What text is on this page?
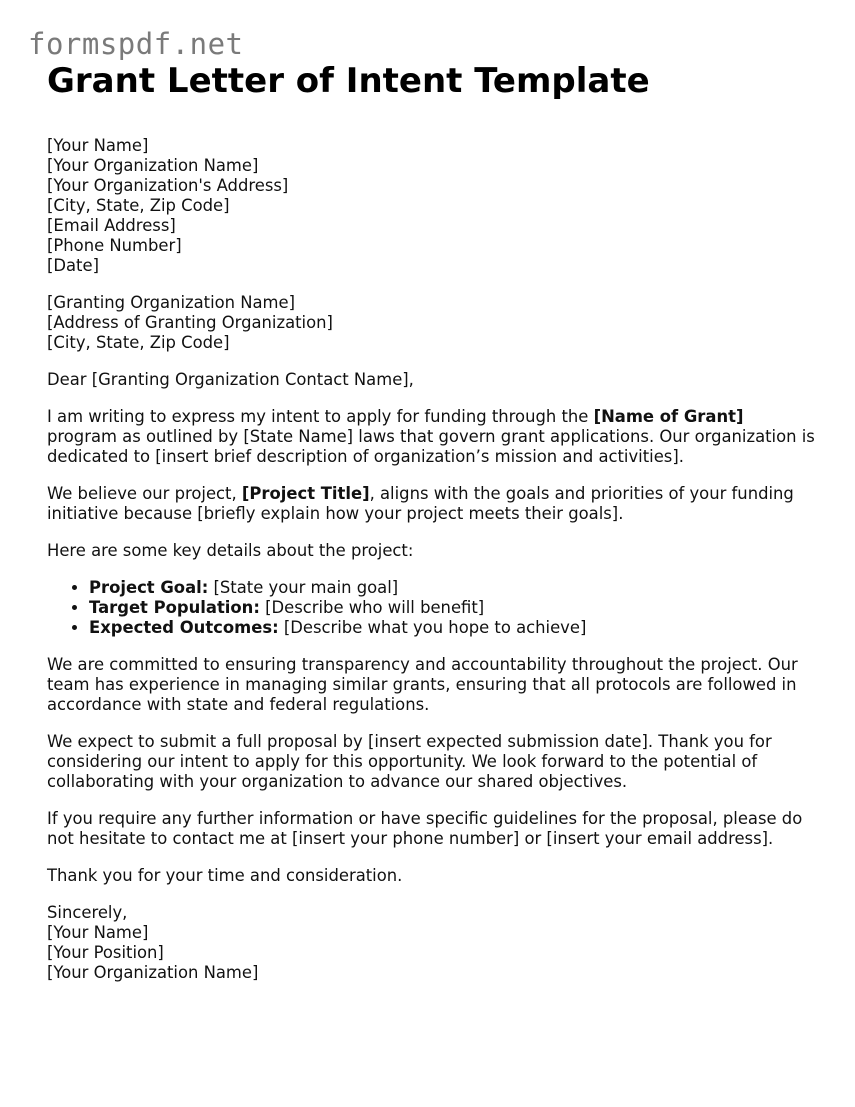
formspdf.net
Grant Letter of Intent Template
[Your Name]
[Your Organization Name]
[Your Organization's Address]
[City, State, Zip Code]
[Email Address]
[Phone Number]
[Date]
[Granting Organization Name]
[Address of Granting Organization]
[City, State, Zip Code]

Dear [Granting Organization Contact Name],

I am writing to express my intent to apply for funding through the [Name of Grant] program as outlined by [State Name] laws that govern grant applications. Our organization is dedicated to [insert brief description of organization’s mission and activities].

We believe our project, [Project Title], aligns with the goals and priorities of your funding initiative because [briefly explain how your project meets their goals].

Here are some key details about the project:

• Project Goal: [State your main goal]
• Target Population: [Describe who will benefit]
• Expected Outcomes: [Describe what you hope to achieve]

We are committed to ensuring transparency and accountability throughout the project. Our team has experience in managing similar grants, ensuring that all protocols are followed in accordance with state and federal regulations.

We expect to submit a full proposal by [insert expected submission date]. Thank you for considering our intent to apply for this opportunity. We look forward to the potential of collaborating with your organization to advance our shared objectives.

If you require any further information or have specific guidelines for the proposal, please do not hesitate to contact me at [insert your phone number] or [insert your email address].

Thank you for your time and consideration.

Sincerely,
[Your Name]
[Your Position]
[Your Organization Name]
